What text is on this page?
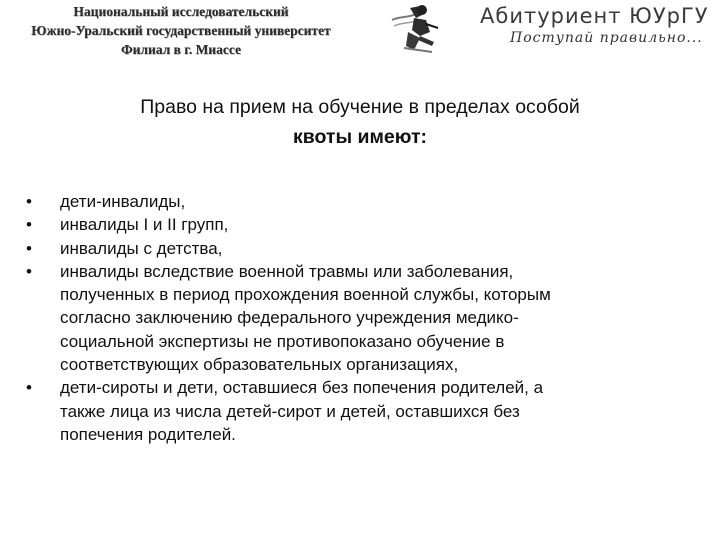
Национальный исследовательский
Южно-Уральский государственный университет
Филиал в г. Миассе
Абитуриент ЮУрГУ
Поступай правильно...
Право на прием на обучение в пределах особой
квоты имеют:
•	дети-инвалиды,
•	инвалиды I и II групп,
•	инвалиды с детства,
•	инвалиды вследствие военной травмы или заболевания,
полученных в период прохождения военной службы, которым
согласно заключению федерального учреждения медико-
социальной экспертизы не противопоказано обучение в
соответствующих образовательных организациях,
•	дети-сироты и дети, оставшиеся без попечения родителей, а
также лица из числа детей-сирот и детей, оставшихся без
попечения родителей.
